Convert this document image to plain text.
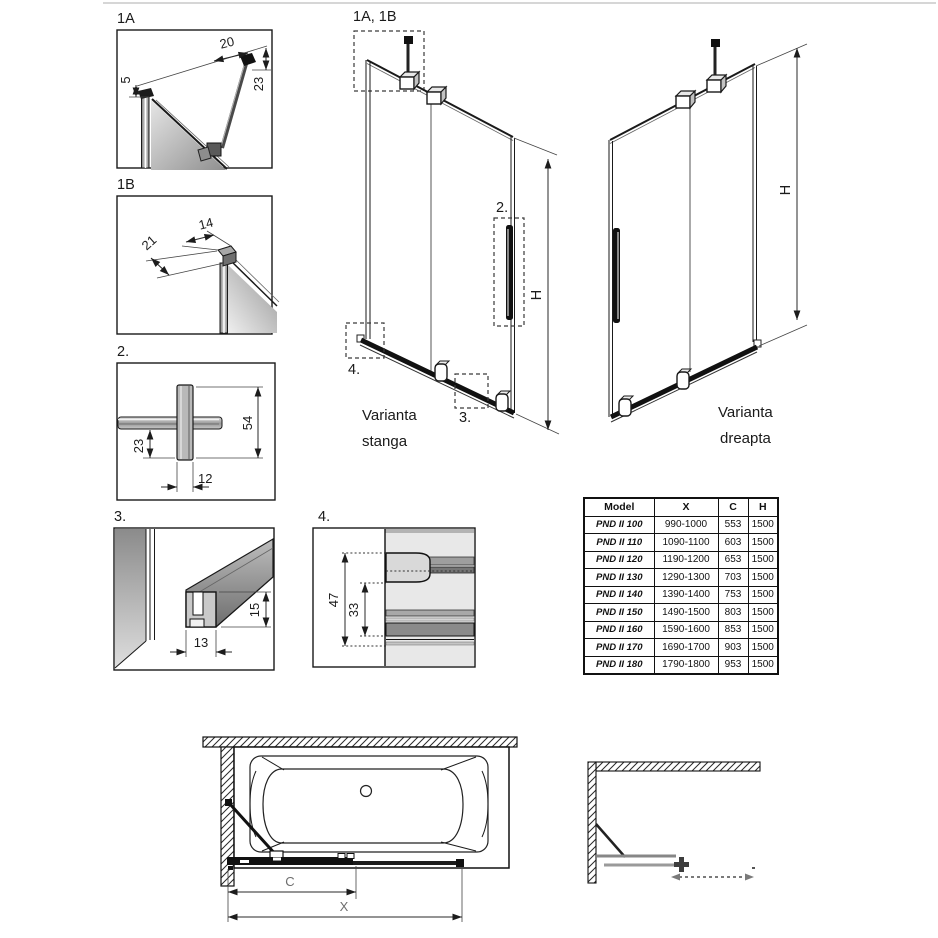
1A
20
23
5
1B
14
21
2.
54
23
12
3.
15
13
4.
47
33
1A, 1B
2.
4.
3.
H
Varianta
stanga
H
Varianta
dreapta
C
X
Model	X	C	H
PND II 100	990-1000	553	1500
PND II 110	1090-1100	603	1500
PND II 120	1190-1200	653	1500
PND II 130	1290-1300	703	1500
PND II 140	1390-1400	753	1500
PND II 150	1490-1500	803	1500
PND II 160	1590-1600	853	1500
PND II 170	1690-1700	903	1500
PND II 180	1790-1800	953	1500
